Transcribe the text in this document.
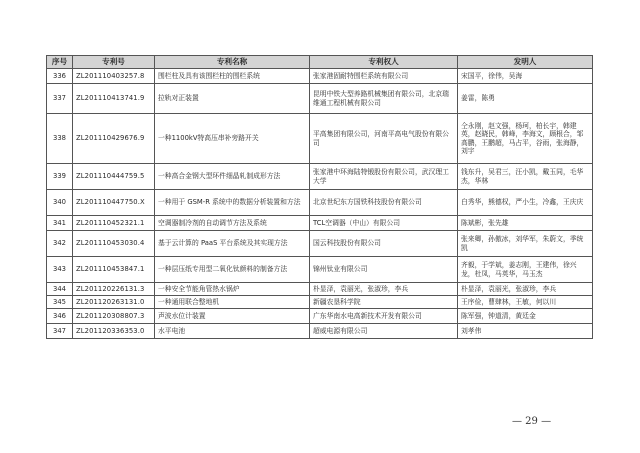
序号	专利号	专利名称	专利权人	发明人
336	ZL201110403257.8	围栏柱及具有该围栏柱的围栏系统	张家港固耐特围栏系统有限公司	宋国平，徐伟，吴海
337	ZL201110413741.9	拉轨对正装置	昆明中铁大型养路机械集团有限公司，北京瑞维通工程机械有限公司	姜雷，陈勇
338	ZL201110429676.9	一种1100kV特高压串补旁路开关	平高集团有限公司，河南平高电气股份有限公司	仝永刚，赵文强，杨珂，柏长宇，韩建英，赵晓民，韩峰，李海文，顾根合，邹高鹏，王鹏超，马占平，谷雨，张海静，刘宇
339	ZL201110444759.5	一种高合金钢大型环件细晶轧制成形方法	张家港中环海陆特锻股份有限公司，武汉理工大学	钱东升，吴君三，汪小凯，戴玉同，毛华杰，华林
340	ZL201110447750.X	一种用于 GSM-R 系统中的数据分析装置和方法	北京世纪东方国铁科技股份有限公司	白秀华，熊德权，严小生，冷鑫，王庆庆
341	ZL201110452321.1	空调器制冷剂的自动调节方法及系统	TCL空调器（中山）有限公司	陈斌彬，张先雄
342	ZL201110453030.4	基于云计算的 PaaS 平台系统及其实现方法	国云科技股份有限公司	张来卿，孙傲冰，刘华军，朱蔚文，季统凯
343	ZL201110453847.1	一种层压纸专用型二氧化钛颜料的制备方法	锦州钛业有限公司	齐毅，于学斌，姜志刚，王建伟，徐兴龙，杜凤，马英华，马玉杰
344	ZL201120226131.3	一种安全节能角管热水锅炉	朴显泽，袁丽光，张淑珍，李兵	朴显泽，袁丽光，张淑珍，李兵
345	ZL201120263131.0	一种通用联合整地机	新疆农垦科学院	王序俭，曹肆林，王敏，何以川
346	ZL201120308807.3	声波水位计装置	广东华南水电高新技术开发有限公司	陈军强，钟道清，黄廷金
347	ZL201120336353.0	水平电池	超威电源有限公司	刘孝伟
— 29 —
